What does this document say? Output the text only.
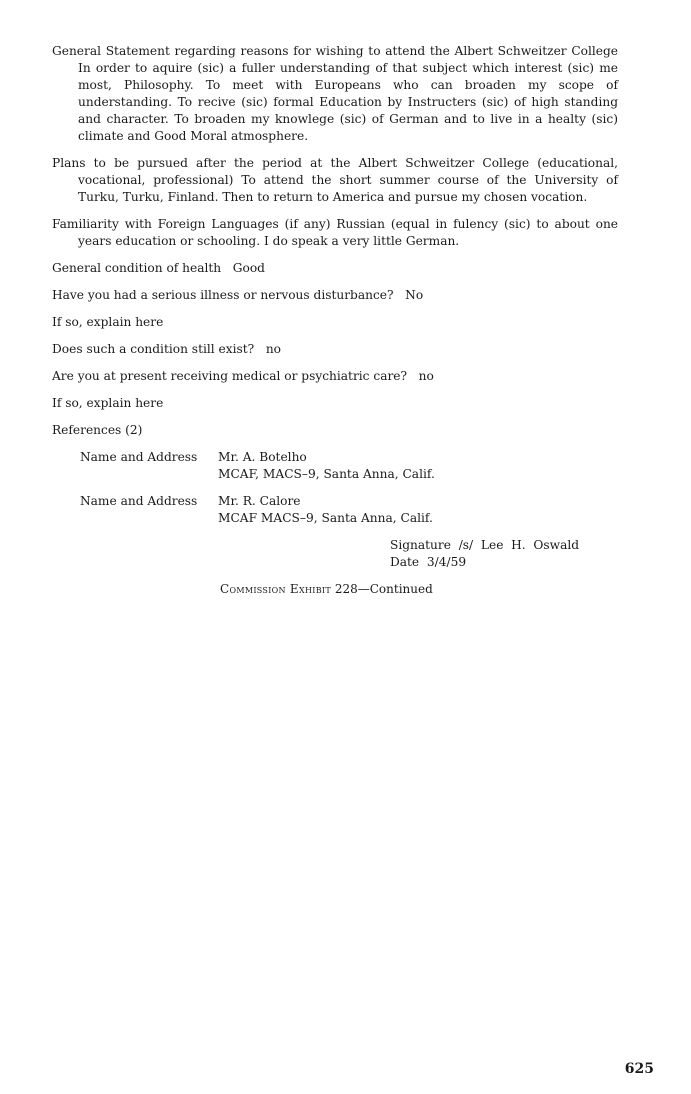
General Statement regarding reasons for wishing to attend the Albert Schweitzer College In order to aquire (sic) a fuller understanding of that subject which interest (sic) me most, Philosophy. To meet with Europeans who can broaden my scope of understanding. To recive (sic) formal Education by Instructers (sic) of high standing and character. To broaden my knowlege (sic) of German and to live in a healty (sic) climate and Good Moral atmosphere.

Plans to be pursued after the period at the Albert Schweitzer College (educational, vocational, professional) To attend the short summer course of the University of Turku, Turku, Finland. Then to return to America and pursue my chosen vocation.

Familiarity with Foreign Languages (if any) Russian (equal in fulency (sic) to about one years education or schooling. I do speak a very little German.

General condition of health   Good

Have you had a serious illness or nervous disturbance?   No

If so, explain here

Does such a condition still exist?   no

Are you at present receiving medical or psychiatric care?   no

If so, explain here

References (2)

Name and Address	Mr. A. Botelho
MCAF, MACS–9, Santa Anna, Calif.
Name and Address	Mr. R. Calore
MCAF MACS–9, Santa Anna, Calif.
Signature  /s/  Lee  H.  Oswald
Date  3/4/59
Commission Exhibit 228—Continued
625
